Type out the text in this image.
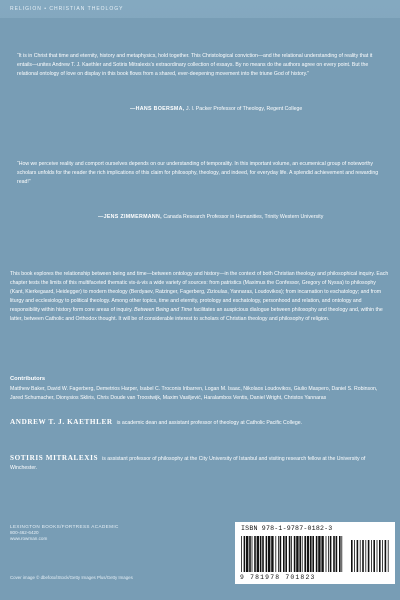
RELIGION • CHRISTIAN THEOLOGY
“It is in Christ that time and eternity, history and metaphysics, hold together. This Christological conviction—and the relational understanding of reality that it entails—unites Andrew T. J. Kaethler and Sotiris Mitralexis’s extraordinary collection of essays. By no means do the authors agree on every point. But the relational ontology of love on display in this book flows from a shared, ever-deepening movement into the triune God of history.”
—HANS BOERSMA, J. I. Packer Professor of Theology, Regent College
“How we perceive reality and comport ourselves depends on our understanding of temporality. In this important volume, an ecumenical group of noteworthy scholars unfolds for the reader the rich implications of this claim for philosophy, theology, and indeed, for everyday life. A splendid achievement and rewarding read!”
—JENS ZIMMERMANN, Canada Research Professor in Humanities, Trinity Western University
This book explores the relationship between being and time—between ontology and history—in the context of both Christian theology and philosophical inquiry. Each chapter tests the limits of this multifaceted thematic vis-à-vis a wide variety of sources: from patristics (Maximus the Confessor, Gregory of Nyssa) to philosophy (Kant, Kierkegaard, Heidegger) to modern theology (Berdyaev, Ratzinger, Fagerberg, Zizioulas, Yannaras, Loudovikos); from incarnation to eschatology; and from liturgy and ecclesiology to political theology. Among other topics, time and eternity, protology and eschatology, personhood and relation, and ontology and responsibility within history form core areas of inquiry. Between Being and Time facilitates an auspicious dialogue between philosophy and theology and, within the latter, between Catholic and Orthodox thought. It will be of considerable interest to scholars of Christian theology and philosophy of religion.
Contributors
Matthew Baker, David W. Fagerberg, Demetrios Harper, Isabel C. Troconis Iribarren, Logan M. Isaac, Nikolaos Loudovikos, Giulio Maspero, Daniel S. Robinson, Jared Schumacher, Dionysios Skliris, Chris Doude van Troostwijk, Maxim Vasiljević, Haralambos Ventis, Daniel Wright, Christos Yannaras
ANDREW T. J. KAETHLER is academic dean and assistant professor of theology at Catholic Pacific College.
SOTIRIS MITRALEXIS is assistant professor of philosophy at the City University of Istanbul and visiting research fellow at the University of Winchester.
LEXINGTON BOOKS/FORTRESS ACADEMIC
800-462-6420
www.rowman.com
Cover image © dbefoto/iStock/Getty Images Plus/Getty Images
ISBN 978-1-9787-0182-3
9 781978 701823
